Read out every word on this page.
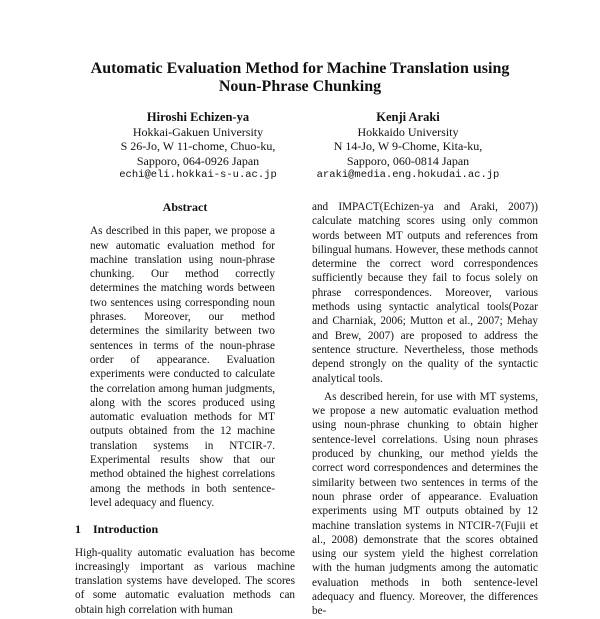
Automatic Evaluation Method for Machine Translation using
Noun-Phrase Chunking
Hiroshi Echizen-ya
Hokkai-Gakuen University
S 26-Jo, W 11-chome, Chuo-ku,
Sapporo, 064-0926 Japan
echi@eli.hokkai-s-u.ac.jp
Kenji Araki
Hokkaido University
N 14-Jo, W 9-Chome, Kita-ku,
Sapporo, 060-0814 Japan
araki@media.eng.hokudai.ac.jp
Abstract

As described in this paper, we propose a new automatic evaluation method for machine translation using noun-phrase chunking. Our method correctly determines the matching words between two sentences using corresponding noun phrases. Moreover, our method determines the similarity between two sentences in terms of the noun-phrase order of appearance. Evaluation experiments were conducted to calculate the correlation among human judgments, along with the scores produced using automatic evaluation methods for MT outputs obtained from the 12 machine translation systems in NTCIR-7. Experimental results show that our method obtained the highest correlations among the methods in both sentence-level adequacy and fluency.

1 Introduction

High-quality automatic evaluation has become increasingly important as various machine translation systems have developed. The scores of some automatic evaluation methods can obtain high correlation with human

and IMPACT(Echizen-ya and Araki, 2007)) calculate matching scores using only common words between MT outputs and references from bilingual humans. However, these methods cannot determine the correct word correspondences sufficiently because they fail to focus solely on phrase correspondences. Moreover, various methods using syntactic analytical tools(Pozar and Charniak, 2006; Mutton et al., 2007; Mehay and Brew, 2007) are proposed to address the sentence structure. Nevertheless, those methods depend strongly on the quality of the syntactic analytical tools.

As described herein, for use with MT systems, we propose a new automatic evaluation method using noun-phrase chunking to obtain higher sentence-level correlations. Using noun phrases produced by chunking, our method yields the correct word correspondences and determines the similarity between two sentences in terms of the noun phrase order of appearance. Evaluation experiments using MT outputs obtained by 12 machine translation systems in NTCIR-7(Fujii et al., 2008) demonstrate that the scores obtained using our system yield the highest correlation with the human judgments among the automatic evaluation methods in both sentence-level adequacy and fluency. Moreover, the differences be-
